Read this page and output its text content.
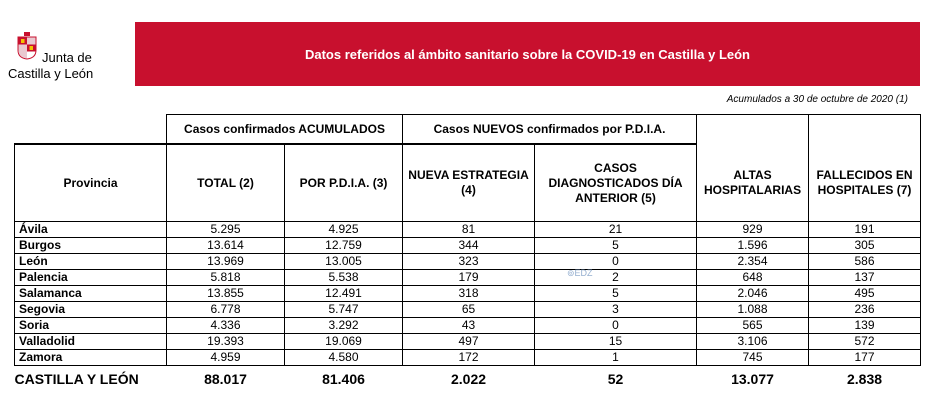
Junta de
Castilla y León
Datos referidos al ámbito sanitario sobre la COVID-19 en Castilla y León
Acumulados a 30 de octubre de 2020 (1)
	Casos confirmados ACUMULADOS		Casos NUEVOS confirmados por P.D.I.A.			
Provincia	TOTAL (2)	POR P.D.I.A. (3)	NUEVA ESTRATEGIA (4)	CASOS DIAGNOSTICADOS DÍA ANTERIOR (5)	ALTAS HOSPITALARIAS	FALLECIDOS EN HOSPITALES (7)
Ávila	5.295	4.925	81	21	929	191
Burgos	13.614	12.759	344	5	1.596	305
León	13.969	13.005	323	0	2.354	586
Palencia	5.818	5.538	179	2	648	137
Salamanca	13.855	12.491	318	5	2.046	495
Segovia	6.778	5.747	65	3	1.088	236
Soria	4.336	3.292	43	0	565	139
Valladolid	19.393	19.069	497	15	3.106	572
Zamora	4.959	4.580	172	1	745	177
CASTILLA Y LEÓN	88.017	81.406	2.022	52	13.077	2.838
⊚EDZ
